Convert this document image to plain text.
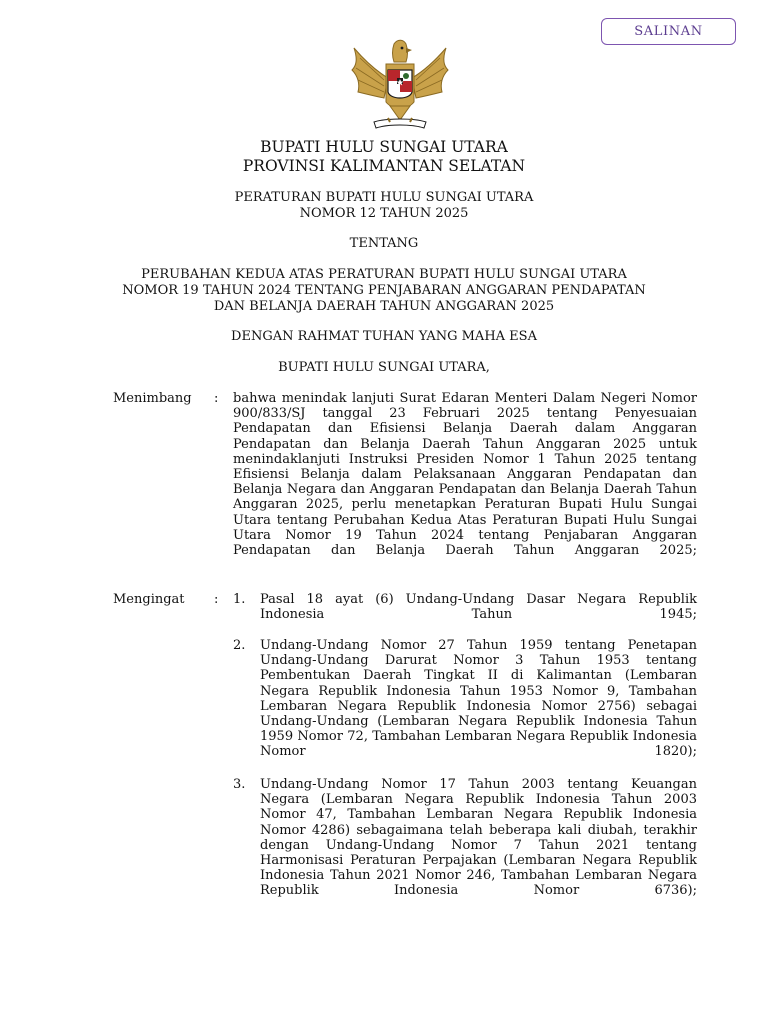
SALINAN
BUPATI HULU SUNGAI UTARA
PROVINSI KALIMANTAN SELATAN
PERATURAN BUPATI HULU SUNGAI UTARA
NOMOR 12 TAHUN 2025
TENTANG
PERUBAHAN KEDUA ATAS PERATURAN BUPATI HULU SUNGAI UTARA
NOMOR 19 TAHUN 2024 TENTANG PENJABARAN ANGGARAN PENDAPATAN
DAN BELANJA DAERAH TAHUN ANGGARAN 2025
DENGAN RAHMAT TUHAN YANG MAHA ESA
BUPATI HULU SUNGAI UTARA,
Menimbang : bahwa menindak lanjuti Surat Edaran Menteri Dalam Negeri Nomor 900/833/SJ tanggal 23 Februari 2025 tentang Penyesuaian Pendapatan dan Efisiensi Belanja Daerah dalam Anggaran Pendapatan dan Belanja Daerah Tahun Anggaran 2025 untuk menindaklanjuti Instruksi Presiden Nomor 1 Tahun 2025 tentang Efisiensi Belanja dalam Pelaksanaan Anggaran Pendapatan dan Belanja Negara dan Anggaran Pendapatan dan Belanja Daerah Tahun Anggaran 2025, perlu menetapkan Peraturan Bupati Hulu Sungai Utara tentang Perubahan Kedua Atas Peraturan Bupati Hulu Sungai Utara Nomor 19 Tahun 2024 tentang Penjabaran Anggaran Pendapatan dan Belanja Daerah Tahun Anggaran 2025;
Mengingat : 1. Pasal 18 ayat (6) Undang-Undang Dasar Negara Republik Indonesia Tahun 1945;
2. Undang-Undang Nomor 27 Tahun 1959 tentang Penetapan Undang-Undang Darurat Nomor 3 Tahun 1953 tentang Pembentukan Daerah Tingkat II di Kalimantan (Lembaran Negara Republik Indonesia Tahun 1953 Nomor 9, Tambahan Lembaran Negara Republik Indonesia Nomor 2756) sebagai Undang-Undang (Lembaran Negara Republik Indonesia Tahun 1959 Nomor 72, Tambahan Lembaran Negara Republik Indonesia Nomor 1820);
3. Undang-Undang Nomor 17 Tahun 2003 tentang Keuangan Negara (Lembaran Negara Republik Indonesia Tahun 2003 Nomor 47, Tambahan Lembaran Negara Republik Indonesia Nomor 4286) sebagaimana telah beberapa kali diubah, terakhir dengan Undang-Undang Nomor 7 Tahun 2021 tentang Harmonisasi Peraturan Perpajakan (Lembaran Negara Republik Indonesia Tahun 2021 Nomor 246, Tambahan Lembaran Negara Republik Indonesia Nomor 6736);
